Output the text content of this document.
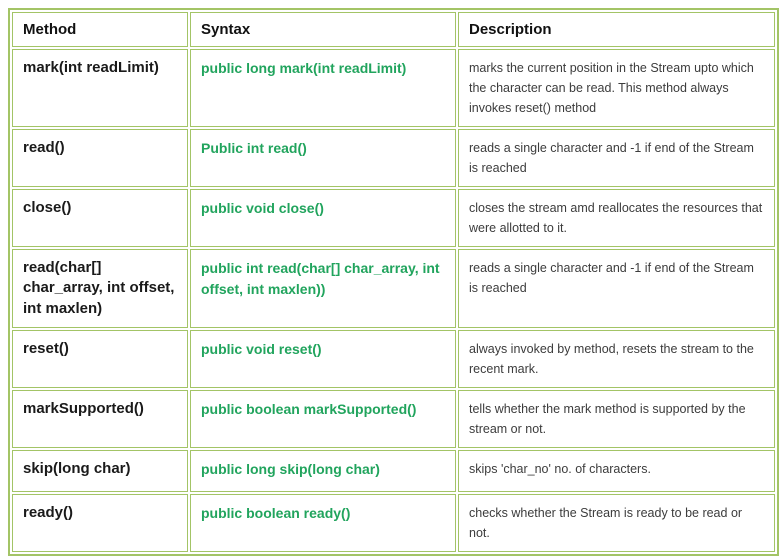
Method	Syntax	Description
mark(int readLimit)	public long mark(int readLimit)	marks the current position in the Stream upto which the character can be read. This method always invokes reset() method
read()	Public int read()	reads a single character and -1 if end of the Stream is reached
close()	public void close()	closes the stream amd reallocates the resources that were allotted to it.
read(char[] char_array, int offset, int maxlen)	public int read(char[] char_array, int offset, int maxlen))	reads a single character and -1 if end of the Stream is reached
reset()	public void reset()	always invoked by method, resets the stream to the recent mark.
markSupported()	public boolean markSupported()	tells whether the mark method is supported by the stream or not.
skip(long char)	public long skip(long char)	skips 'char_no' no. of characters.
ready()	public boolean ready()	checks whether the Stream is ready to be read or not.
